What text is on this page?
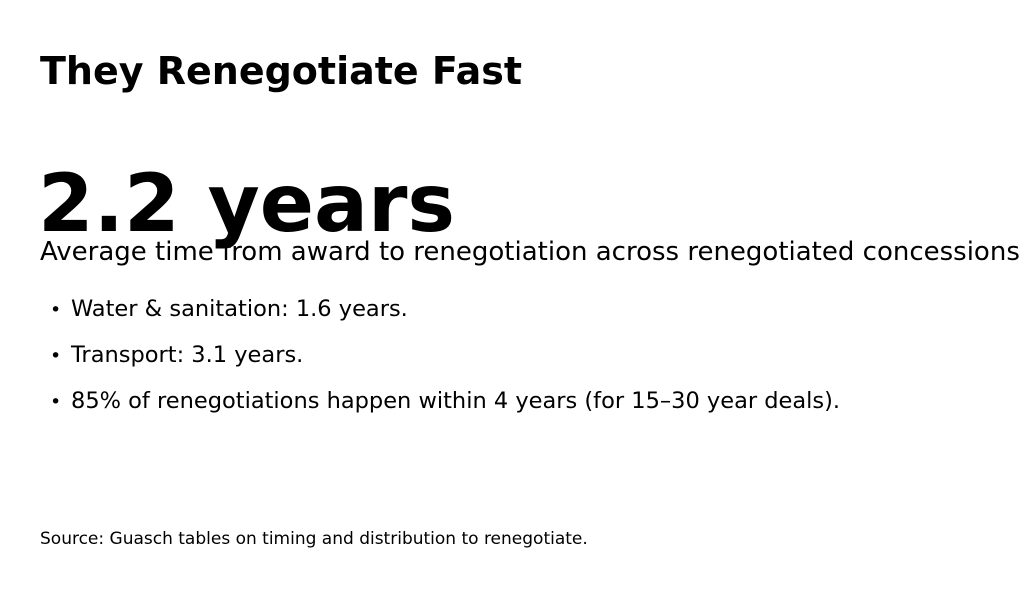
They Renegotiate Fast
2.2 years
Average time from award to renegotiation across renegotiated concessions
• Water & sanitation: 1.6 years.
• Transport: 3.1 years.
• 85% of renegotiations happen within 4 years (for 15–30 year deals).
Source: Guasch tables on timing and distribution to renegotiate.
